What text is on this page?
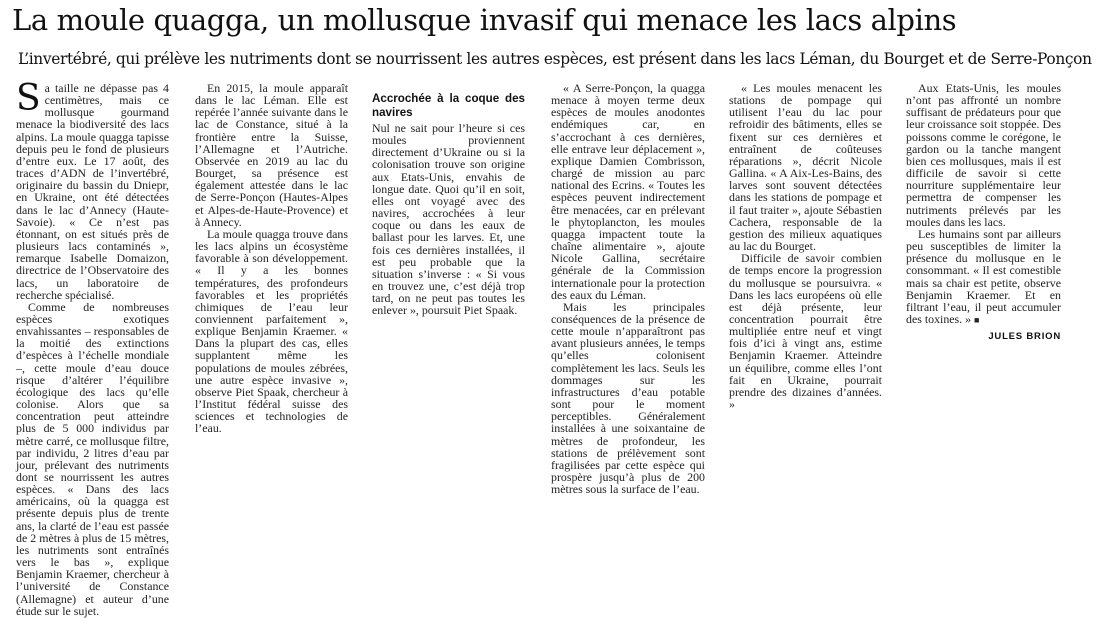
La moule quagga, un mollusque invasif qui menace les lacs alpins
L’invertébré, qui prélève les nutriments dont se nourrissent les autres espèces, est présent dans les lacs Léman, du Bourget et de Serre-Ponçon

Sa taille ne dépasse pas 4 centimètres, mais ce mollusque gourmand menace la biodiversité des lacs alpins. La moule quagga tapisse depuis peu le fond de plusieurs d’entre eux. Le 17 août, des traces d’ADN de l’invertébré, originaire du bassin du Dniepr, en Ukraine, ont été détectées dans le lac d’Annecy (Haute-Savoie). « Ce n’est pas étonnant, on est situés près de plusieurs lacs contaminés », remarque Isabelle Domaizon, directrice de l’Observatoire des lacs, un laboratoire de recherche spécialisé.

Comme de nombreuses espèces exotiques envahissantes – responsables de la moitié des extinctions d’espèces à l’échelle mondiale –, cette moule d’eau douce risque d’altérer l’équilibre écologique des lacs qu’elle colonise. Alors que sa concentration peut atteindre plus de 5 000 individus par mètre carré, ce mollusque filtre, par individu, 2 litres d’eau par jour, prélevant des nutriments dont se nourrissent les autres espèces. « Dans des lacs américains, où la quagga est présente depuis plus de trente ans, la clarté de l’eau est passée de 2 mètres à plus de 15 mètres, les nutriments sont entraînés vers le bas », explique Benjamin Kraemer, chercheur à l’université de Constance (Allemagne) et auteur d’une étude sur le sujet.

En 2015, la moule apparaît dans le lac Léman. Elle est repérée l’année suivante dans le lac de Constance, situé à la frontière entre la Suisse, l’Allemagne et l’Autriche. Observée en 2019 au lac du Bourget, sa présence est également attestée dans le lac de Serre-Ponçon (Hautes-Alpes et Alpes-de-Haute-Provence) et à Annecy.

La moule quagga trouve dans les lacs alpins un écosystème favorable à son développement. « Il y a les bonnes températures, des profondeurs favorables et les propriétés chimiques de l’eau leur conviennent parfaitement », explique Benjamin Kraemer. « Dans la plupart des cas, elles supplantent même les populations de moules zébrées, une autre espèce invasive », observe Piet Spaak, chercheur à l’Institut fédéral suisse des sciences et technologies de l’eau.

Accrochée à la coque des navires

Nul ne sait pour l’heure si ces moules proviennent directement d’Ukraine ou si la colonisation trouve son origine aux Etats-Unis, envahis de longue date. Quoi qu’il en soit, elles ont voyagé avec des navires, accrochées à leur coque ou dans les eaux de ballast pour les larves. Et, une fois ces dernières installées, il est peu probable que la situation s’inverse : « Si vous en trouvez une, c’est déjà trop tard, on ne peut pas toutes les enlever », poursuit Piet Spaak.

« A Serre-Ponçon, la quagga menace à moyen terme deux espèces de moules anodontes endémiques car, en s’accrochant à ces dernières, elle entrave leur déplacement », explique Damien Combrisson, chargé de mission au parc national des Ecrins. « Toutes les espèces peuvent indirectement être menacées, car en prélevant le phytoplancton, les moules quagga impactent toute la chaîne alimentaire », ajoute Nicole Gallina, secrétaire générale de la Commission internationale pour la protection des eaux du Léman.

Mais les principales conséquences de la présence de cette moule n’apparaîtront pas avant plusieurs années, le temps qu’elles colonisent complètement les lacs. Seuls les dommages sur les infrastructures d’eau potable sont pour le moment perceptibles. Généralement installées à une soixantaine de mètres de profondeur, les stations de prélèvement sont fragilisées par cette espèce qui prospère jusqu’à plus de 200 mètres sous la surface de l’eau.

« Les moules menacent les stations de pompage qui utilisent l’eau du lac pour refroidir des bâtiments, elles se fixent sur ces dernières et entraînent de coûteuses réparations », décrit Nicole Gallina. « A Aix-Les-Bains, des larves sont souvent détectées dans les stations de pompage et il faut traiter », ajoute Sébastien Cachera, responsable de la gestion des milieux aquatiques au lac du Bourget.

Difficile de savoir combien de temps encore la progression du mollusque se poursuivra. « Dans les lacs européens où elle est déjà présente, leur concentration pourrait être multipliée entre neuf et vingt fois d’ici à vingt ans, estime Benjamin Kraemer. Atteindre un équilibre, comme elles l’ont fait en Ukraine, pourrait prendre des dizaines d’années. »

Aux Etats-Unis, les moules n’ont pas affronté un nombre suffisant de prédateurs pour que leur croissance soit stoppée. Des poissons comme le corégone, le gardon ou la tanche mangent bien ces mollusques, mais il est difficile de savoir si cette nourriture supplémentaire leur permettra de compenser les nutriments prélevés par les moules dans les lacs.

Les humains sont par ailleurs peu susceptibles de limiter la présence du mollusque en le consommant. « Il est comestible mais sa chair est petite, observe Benjamin Kraemer. Et en filtrant l’eau, il peut accumuler des toxines. » ■

JULES BRION
